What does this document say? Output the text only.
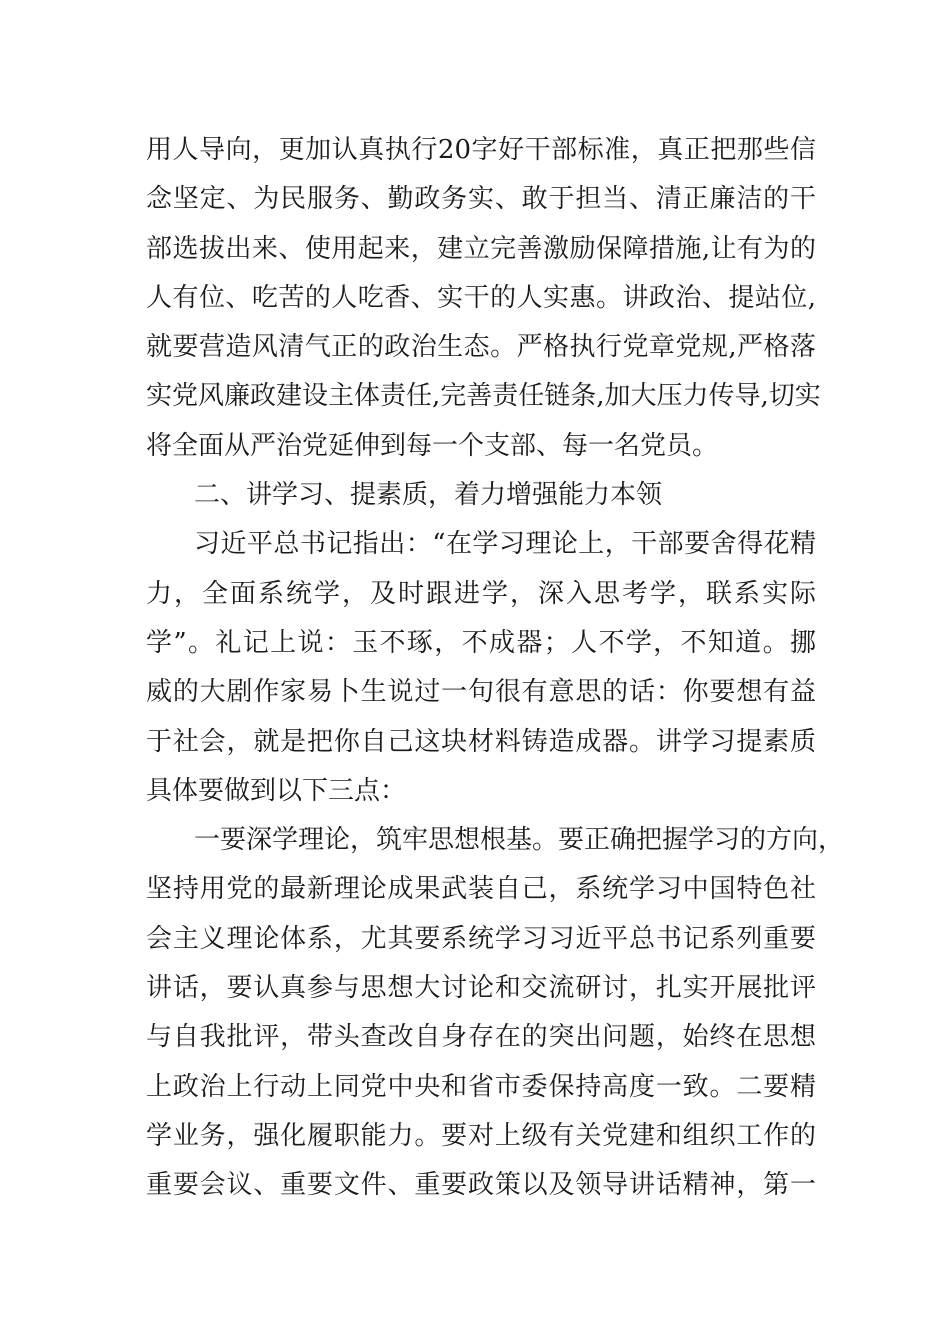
用人导向，更加认真执行20字好干部标准，真正把那些信
念坚定、为民服务、勤政务实、敢于担当、清正廉洁的干
部选拔出来、使用起来，建立完善激励保障措施,让有为的
人有位、吃苦的人吃香、实干的人实惠。讲政治、提站位,
就要营造风清气正的政治生态。严格执行党章党规,严格落
实党风廉政建设主体责任,完善责任链条,加大压力传导,切实
将全面从严治党延伸到每一个支部、每一名党员。
二、讲学习、提素质，着力增强能力本领
习近平总书记指出：“在学习理论上，干部要舍得花精
力，全面系统学，及时跟进学，深入思考学，联系实际
学”。礼记上说：玉不琢，不成器；人不学，不知道。挪
威的大剧作家易卜生说过一句很有意思的话：你要想有益
于社会，就是把你自己这块材料铸造成器。讲学习提素质
具体要做到以下三点：
一要深学理论，筑牢思想根基。要正确把握学习的方向，
坚持用党的最新理论成果武装自己，系统学习中国特色社
会主义理论体系，尤其要系统学习习近平总书记系列重要
讲话，要认真参与思想大讨论和交流研讨，扎实开展批评
与自我批评，带头查改自身存在的突出问题，始终在思想
上政治上行动上同党中央和省市委保持高度一致。二要精
学业务，强化履职能力。要对上级有关党建和组织工作的
重要会议、重要文件、重要政策以及领导讲话精神，第一
